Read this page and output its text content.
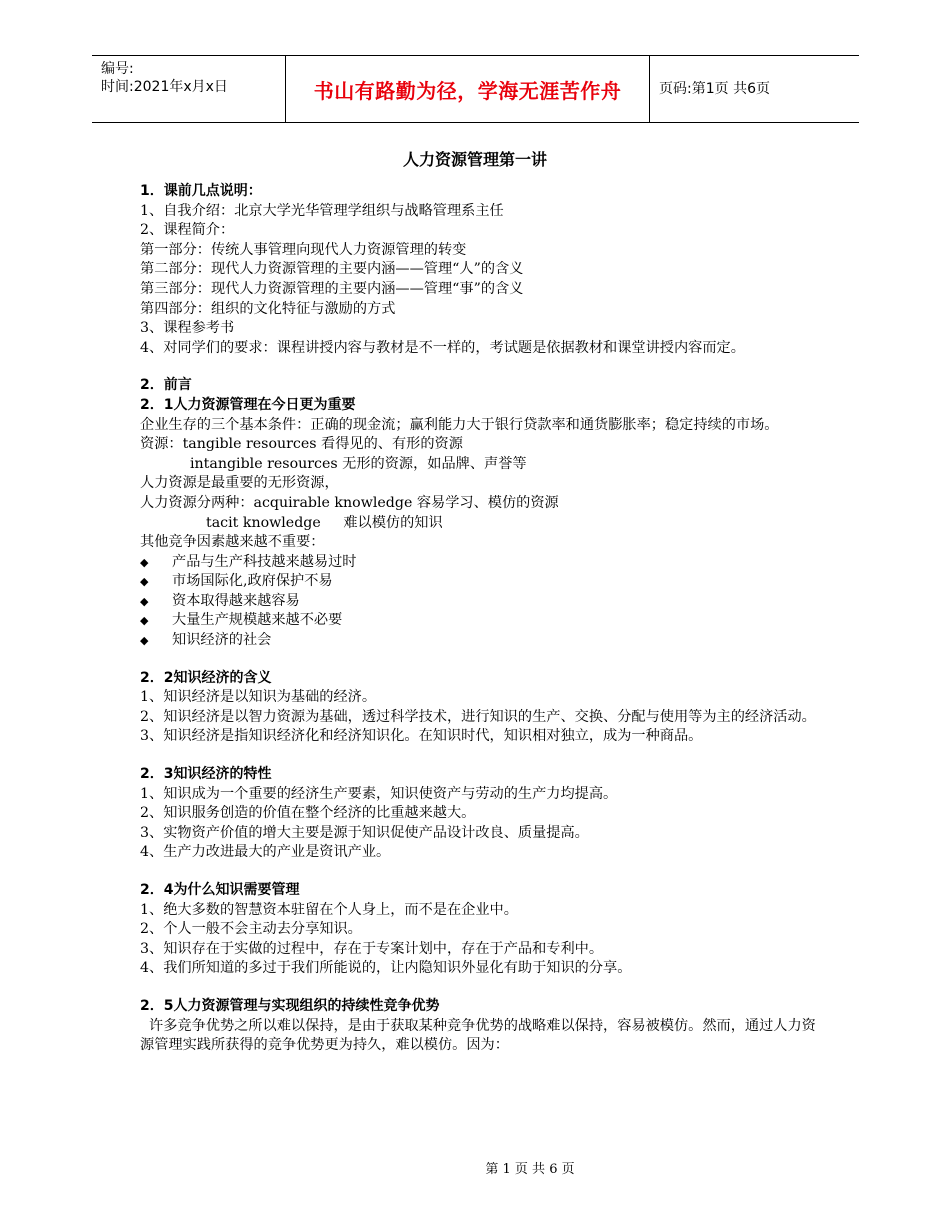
编号:
时间:2021年x月x日	书山有路勤为径，学海无涯苦作舟	页码:第1页 共6页
人力资源管理第一讲
1．课前几点说明：
1、自我介绍：北京大学光华管理学组织与战略管理系主任
2、课程简介：
第一部分：传统人事管理向现代人力资源管理的转变
第二部分：现代人力资源管理的主要内涵——管理“人”的含义
第三部分：现代人力资源管理的主要内涵——管理“事”的含义
第四部分：组织的文化特征与激励的方式
3、课程参考书
4、对同学们的要求：课程讲授内容与教材是不一样的，考试题是依据教材和课堂讲授内容而定。
2．前言
2．1人力资源管理在今日更为重要
企业生存的三个基本条件：正确的现金流；赢利能力大于银行贷款率和通货膨胀率；稳定持续的市场。
资源：tangible resources 看得见的、有形的资源
intangible resources 无形的资源，如品牌、声誉等
人力资源是最重要的无形资源，
人力资源分两种：acquirable knowledge 容易学习、模仿的资源
tacit knowledge     难以模仿的知识
其他竞争因素越来越不重要：
◆	产品与生产科技越来越易过时
◆	市场国际化,政府保护不易
◆	资本取得越来越容易
◆	大量生产规模越来越不必要
◆	知识经济的社会
2．2知识经济的含义
1、知识经济是以知识为基础的经济。
2、知识经济是以智力资源为基础，透过科学技术，进行知识的生产、交换、分配与使用等为主的经济活动。
3、知识经济是指知识经济化和经济知识化。在知识时代，知识相对独立，成为一种商品。
2．3知识经济的特性
1、知识成为一个重要的经济生产要素，知识使资产与劳动的生产力均提高。
2、知识服务创造的价值在整个经济的比重越来越大。
3、实物资产价值的增大主要是源于知识促使产品设计改良、质量提高。
4、生产力改进最大的产业是资讯产业。
2．4为什么知识需要管理
1、绝大多数的智慧资本驻留在个人身上，而不是在企业中。
2、个人一般不会主动去分享知识。
3、知识存在于实做的过程中，存在于专案计划中，存在于产品和专利中。
4、我们所知道的多过于我们所能说的，让内隐知识外显化有助于知识的分享。
2．5人力资源管理与实现组织的持续性竞争优势
许多竞争优势之所以难以保持，是由于获取某种竞争优势的战略难以保持，容易被模仿。然而，通过人力资源管理实践所获得的竞争优势更为持久，难以模仿。因为：
第 1 页 共 6 页
